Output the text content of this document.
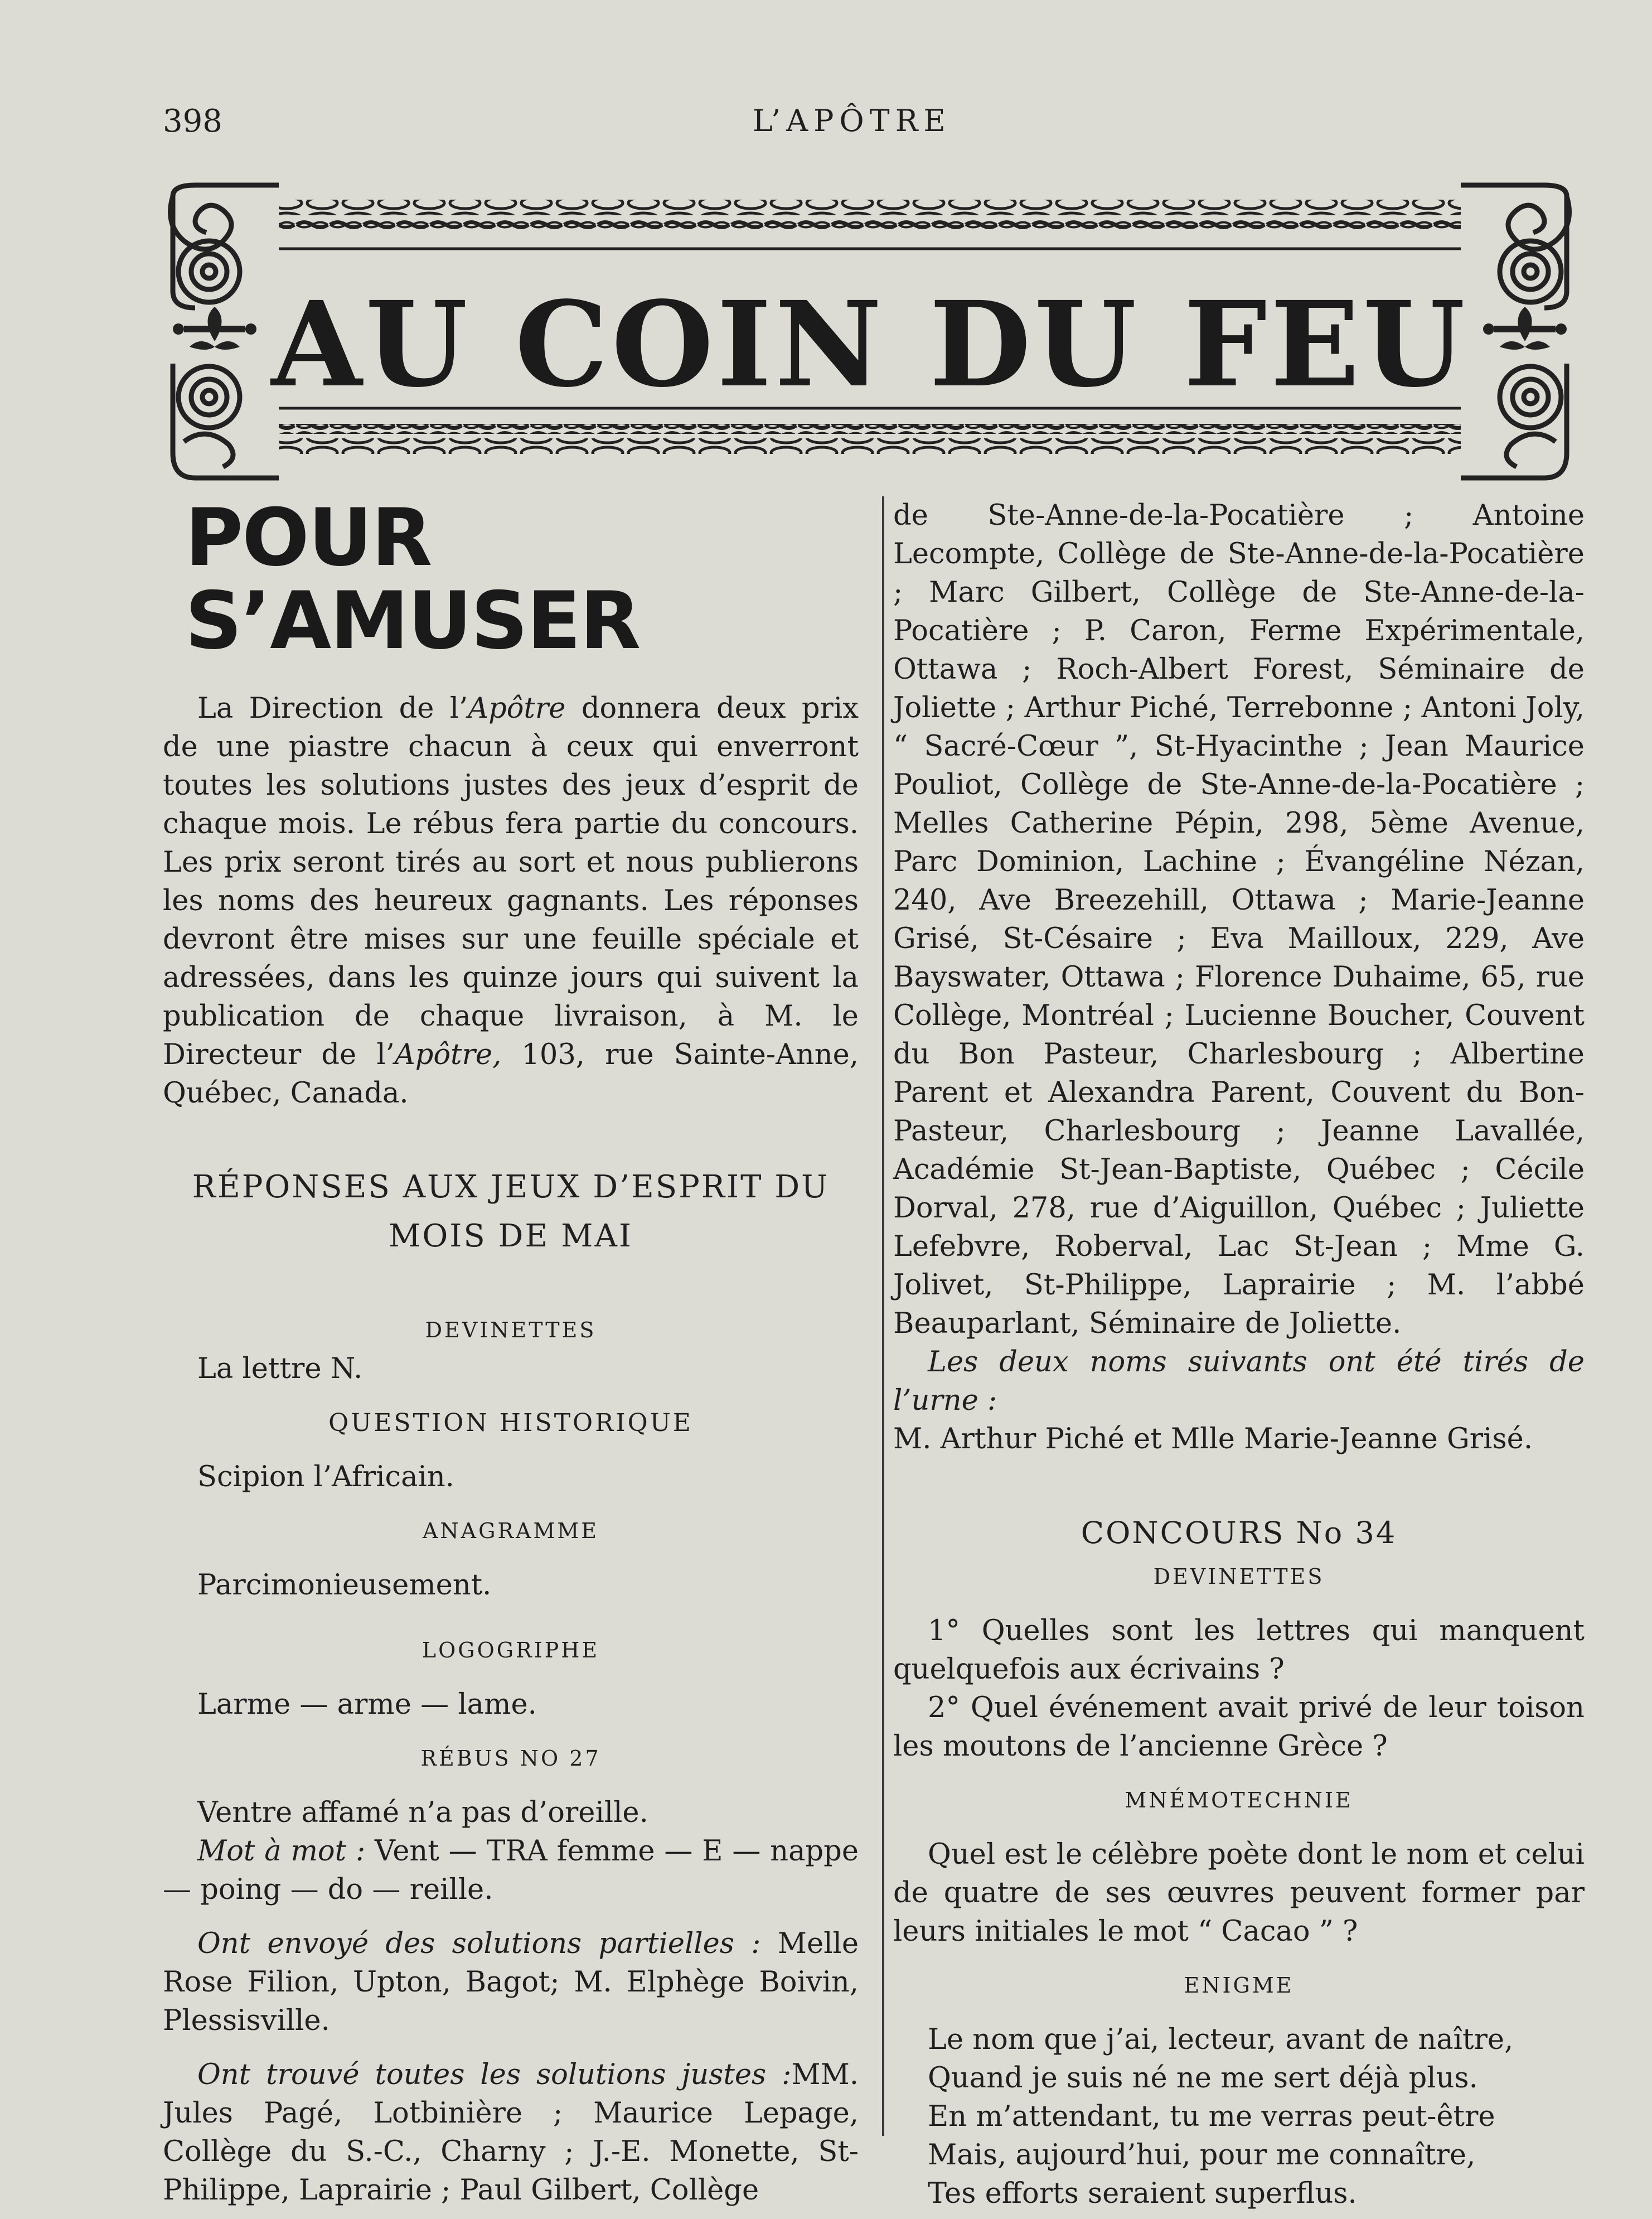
398	L’APÔTRE
AU COIN DU FEU
POUR S’AMUSER

La Direction de l’Apôtre donnera deux prix de une piastre chacun à ceux qui enverront toutes les solutions justes des jeux d’esprit de chaque mois. Le rébus fera partie du concours. Les prix seront tirés au sort et nous publierons les noms des heureux gagnants. Les réponses devront être mises sur une feuille spéciale et adressées, dans les quinze jours qui suivent la publication de chaque livraison, à M. le Directeur de l’Apôtre, 103, rue Sainte-Anne, Québec, Canada.

RÉPONSES AUX JEUX D’ESPRIT DU
MOIS DE MAI

DEVINETTES

La lettre N.

QUESTION HISTORIQUE

Scipion l’Africain.

ANAGRAMME

Parcimonieusement.

LOGOGRIPHE

Larme — arme — lame.

RÉBUS NO 27

Ventre affamé n’a pas d’oreille.

Mot à mot : Vent — TRA femme — E — nappe — poing — do — reille.

Ont envoyé des solutions partielles : Melle Rose Filion, Upton, Bagot; M. Elphège Boivin, Plessisville.

Ont trouvé toutes les solutions justes :MM. Jules Pagé, Lotbinière ; Maurice Lepage, Collège du S.-C., Charny ; J.-E. Monette, St-Philippe, Laprairie ; Paul Gilbert, Collège

de Ste-Anne-de-la-Pocatière ; Antoine Lecompte, Collège de Ste-Anne-de-la-Pocatière ; Marc Gilbert, Collège de Ste-Anne-de-la-Pocatière ; P. Caron, Ferme Expérimentale, Ottawa ; Roch-Albert Forest, Séminaire de Joliette ; Arthur Piché, Terrebonne ; Antoni Joly, “ Sacré-Cœur ”, St-Hyacinthe ; Jean Maurice Pouliot, Collège de Ste-Anne-de-la-Pocatière ; Melles Catherine Pépin, 298, 5ème Avenue, Parc Dominion, Lachine ; Évangéline Nézan, 240, Ave Breezehill, Ottawa ; Marie-Jeanne Grisé, St-Césaire ; Eva Mailloux, 229, Ave Bayswater, Ottawa ; Florence Duhaime, 65, rue Collège, Montréal ; Lucienne Boucher, Couvent du Bon Pasteur, Charlesbourg ; Albertine Parent et Alexandra Parent, Couvent du Bon-Pasteur, Charlesbourg ; Jeanne Lavallée, Académie St-Jean-Baptiste, Québec ; Cécile Dorval, 278, rue d’Aiguillon, Québec ; Juliette Lefebvre, Roberval, Lac St-Jean ; Mme G. Jolivet, St-Philippe, Laprairie ; M. l’abbé Beauparlant, Séminaire de Joliette.

Les deux noms suivants ont été tirés de l’urne :

M. Arthur Piché et Mlle Marie-Jeanne Grisé.

CONCOURS No 34

DEVINETTES

1° Quelles sont les lettres qui manquent quelquefois aux écrivains ?

2° Quel événement avait privé de leur toison les moutons de l’ancienne Grèce ?

MNÉMOTECHNIE

Quel est le célèbre poète dont le nom et celui de quatre de ses œuvres peuvent former par leurs initiales le mot “ Cacao ” ?

ENIGME

Le nom que j’ai, lecteur, avant de naître,

Quand je suis né ne me sert déjà plus.

En m’attendant, tu me verras peut-être

Mais, aujourd’hui, pour me connaître,

Tes efforts seraient superflus.
